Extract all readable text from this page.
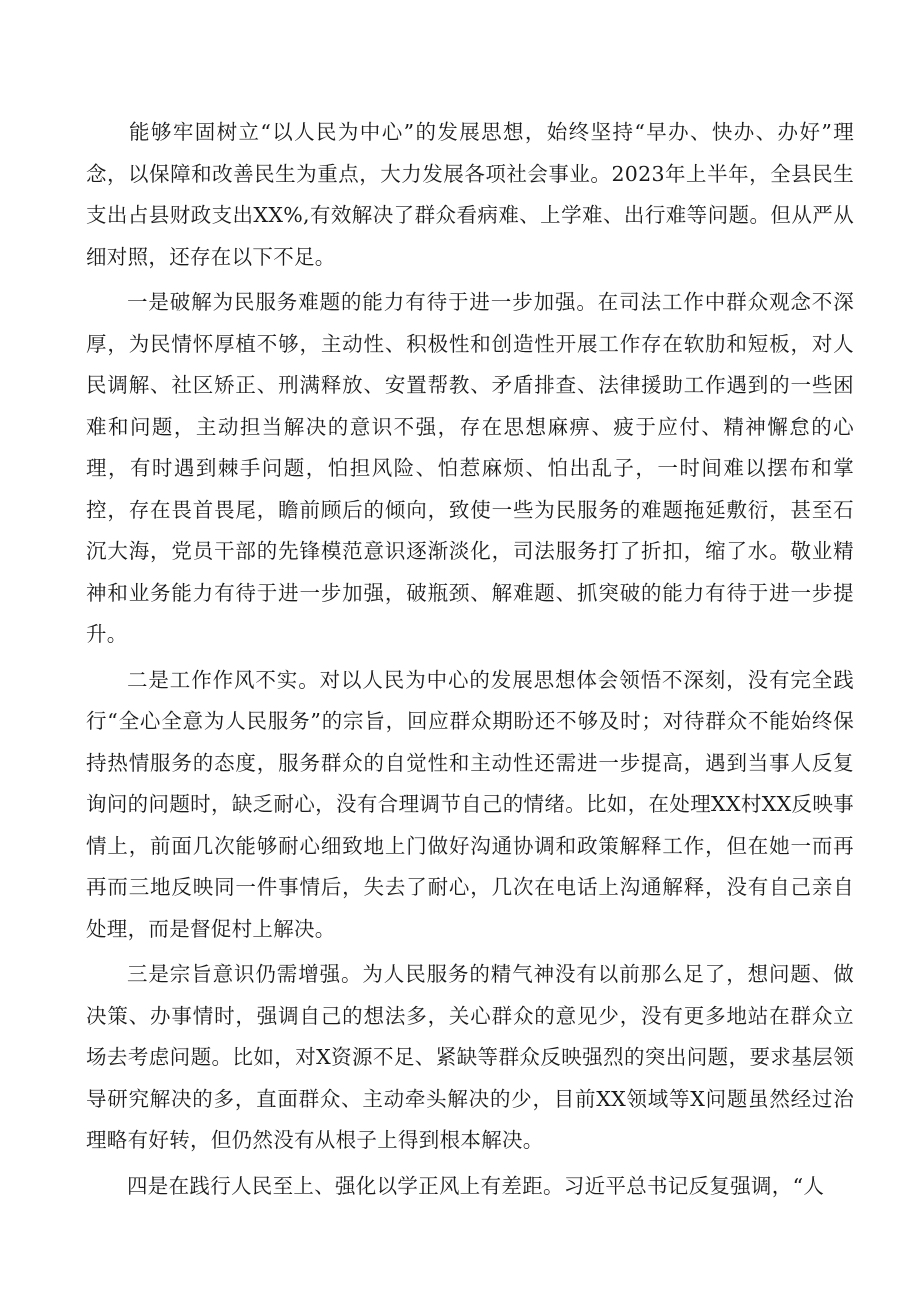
能够牢固树立“以人民为中心”的发展思想，始终坚持“早办、快办、办好”理念，以保障和改善民生为重点，大力发展各项社会事业。2023年上半年，全县民生支出占县财政支出XX%,有效解决了群众看病难、上学难、出行难等问题。但从严从细对照，还存在以下不足。

一是破解为民服务难题的能力有待于进一步加强。在司法工作中群众观念不深厚，为民情怀厚植不够，主动性、积极性和创造性开展工作存在软肋和短板，对人民调解、社区矫正、刑满释放、安置帮教、矛盾排查、法律援助工作遇到的一些困难和问题，主动担当解决的意识不强，存在思想麻痹、疲于应付、精神懈怠的心理，有时遇到棘手问题，怕担风险、怕惹麻烦、怕出乱子，一时间难以摆布和掌控，存在畏首畏尾，瞻前顾后的倾向，致使一些为民服务的难题拖延敷衍，甚至石沉大海，党员干部的先锋模范意识逐渐淡化，司法服务打了折扣，缩了水。敬业精神和业务能力有待于进一步加强，破瓶颈、解难题、抓突破的能力有待于进一步提升。

二是工作作风不实。对以人民为中心的发展思想体会领悟不深刻，没有完全践行“全心全意为人民服务”的宗旨，回应群众期盼还不够及时；对待群众不能始终保持热情服务的态度，服务群众的自觉性和主动性还需进一步提高，遇到当事人反复询问的问题时，缺乏耐心，没有合理调节自己的情绪。比如，在处理XX村XX反映事情上，前面几次能够耐心细致地上门做好沟通协调和政策解释工作，但在她一而再再而三地反映同一件事情后，失去了耐心，几次在电话上沟通解释，没有自己亲自处理，而是督促村上解决。

三是宗旨意识仍需增强。为人民服务的精气神没有以前那么足了，想问题、做决策、办事情时，强调自己的想法多，关心群众的意见少，没有更多地站在群众立场去考虑问题。比如，对X资源不足、紧缺等群众反映强烈的突出问题，要求基层领导研究解决的多，直面群众、主动牵头解决的少，目前XX领域等X问题虽然经过治理略有好转，但仍然没有从根子上得到根本解决。

四是在践行人民至上、强化以学正风上有差距。习近平总书记反复强调，“人
